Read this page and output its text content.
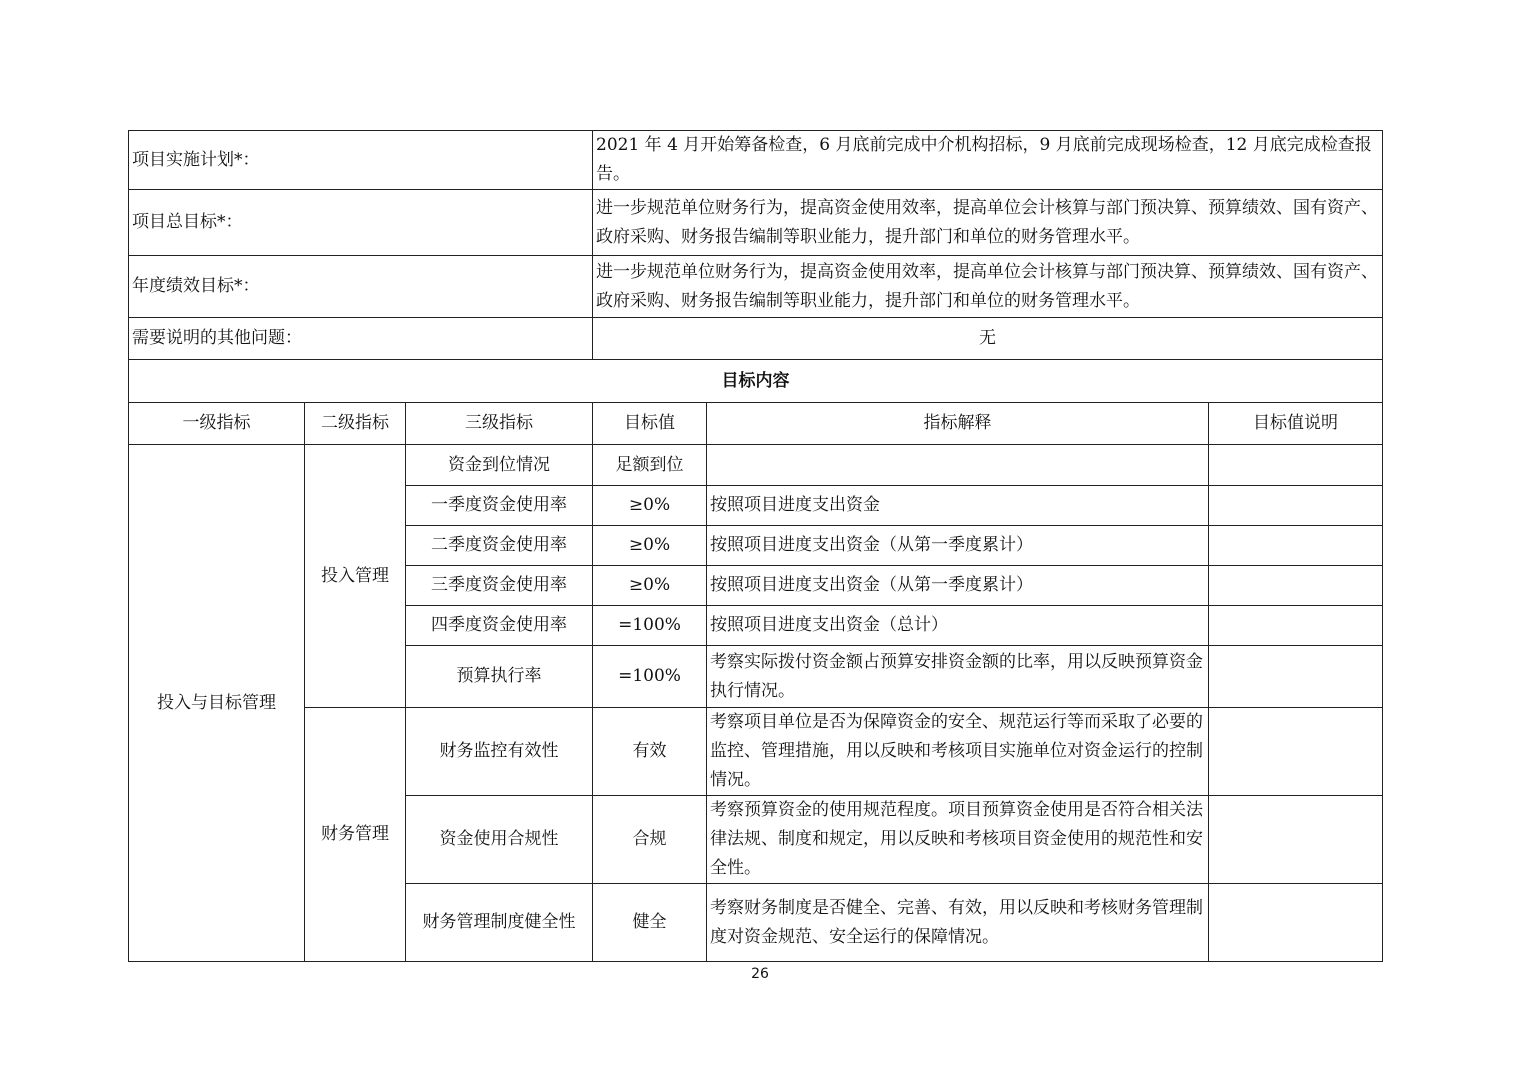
项目实施计划*：			2021 年 4 月开始筹备检查，6 月底前完成中介机构招标，9 月底前完成现场检查，12 月底完成检查报告。		
项目总目标*：			进一步规范单位财务行为，提高资金使用效率，提高单位会计核算与部门预决算、预算绩效、国有资产、政府采购、财务报告编制等职业能力，提升部门和单位的财务管理水平。		
年度绩效目标*：			进一步规范单位财务行为，提高资金使用效率，提高单位会计核算与部门预决算、预算绩效、国有资产、政府采购、财务报告编制等职业能力，提升部门和单位的财务管理水平。		
需要说明的其他问题：			无		
目标内容					
一级指标	二级指标	三级指标	目标值	指标解释	目标值说明
投入与目标管理	投入管理	资金到位情况	足额到位		
		一季度资金使用率	≥0%	按照项目进度支出资金	
		二季度资金使用率	≥0%	按照项目进度支出资金（从第一季度累计）	
		三季度资金使用率	≥0%	按照项目进度支出资金（从第一季度累计）	
		四季度资金使用率	=100%	按照项目进度支出资金（总计）	
		预算执行率	=100%	考察实际拨付资金额占预算安排资金额的比率，用以反映预算资金执行情况。	
	财务管理	财务监控有效性	有效	考察项目单位是否为保障资金的安全、规范运行等而采取了必要的监控、管理措施，用以反映和考核项目实施单位对资金运行的控制情况。	
		资金使用合规性	合规	考察预算资金的使用规范程度。项目预算资金使用是否符合相关法律法规、制度和规定，用以反映和考核项目资金使用的规范性和安全性。	
		财务管理制度健全性	健全	考察财务制度是否健全、完善、有效，用以反映和考核财务管理制度对资金规范、安全运行的保障情况。	
26
